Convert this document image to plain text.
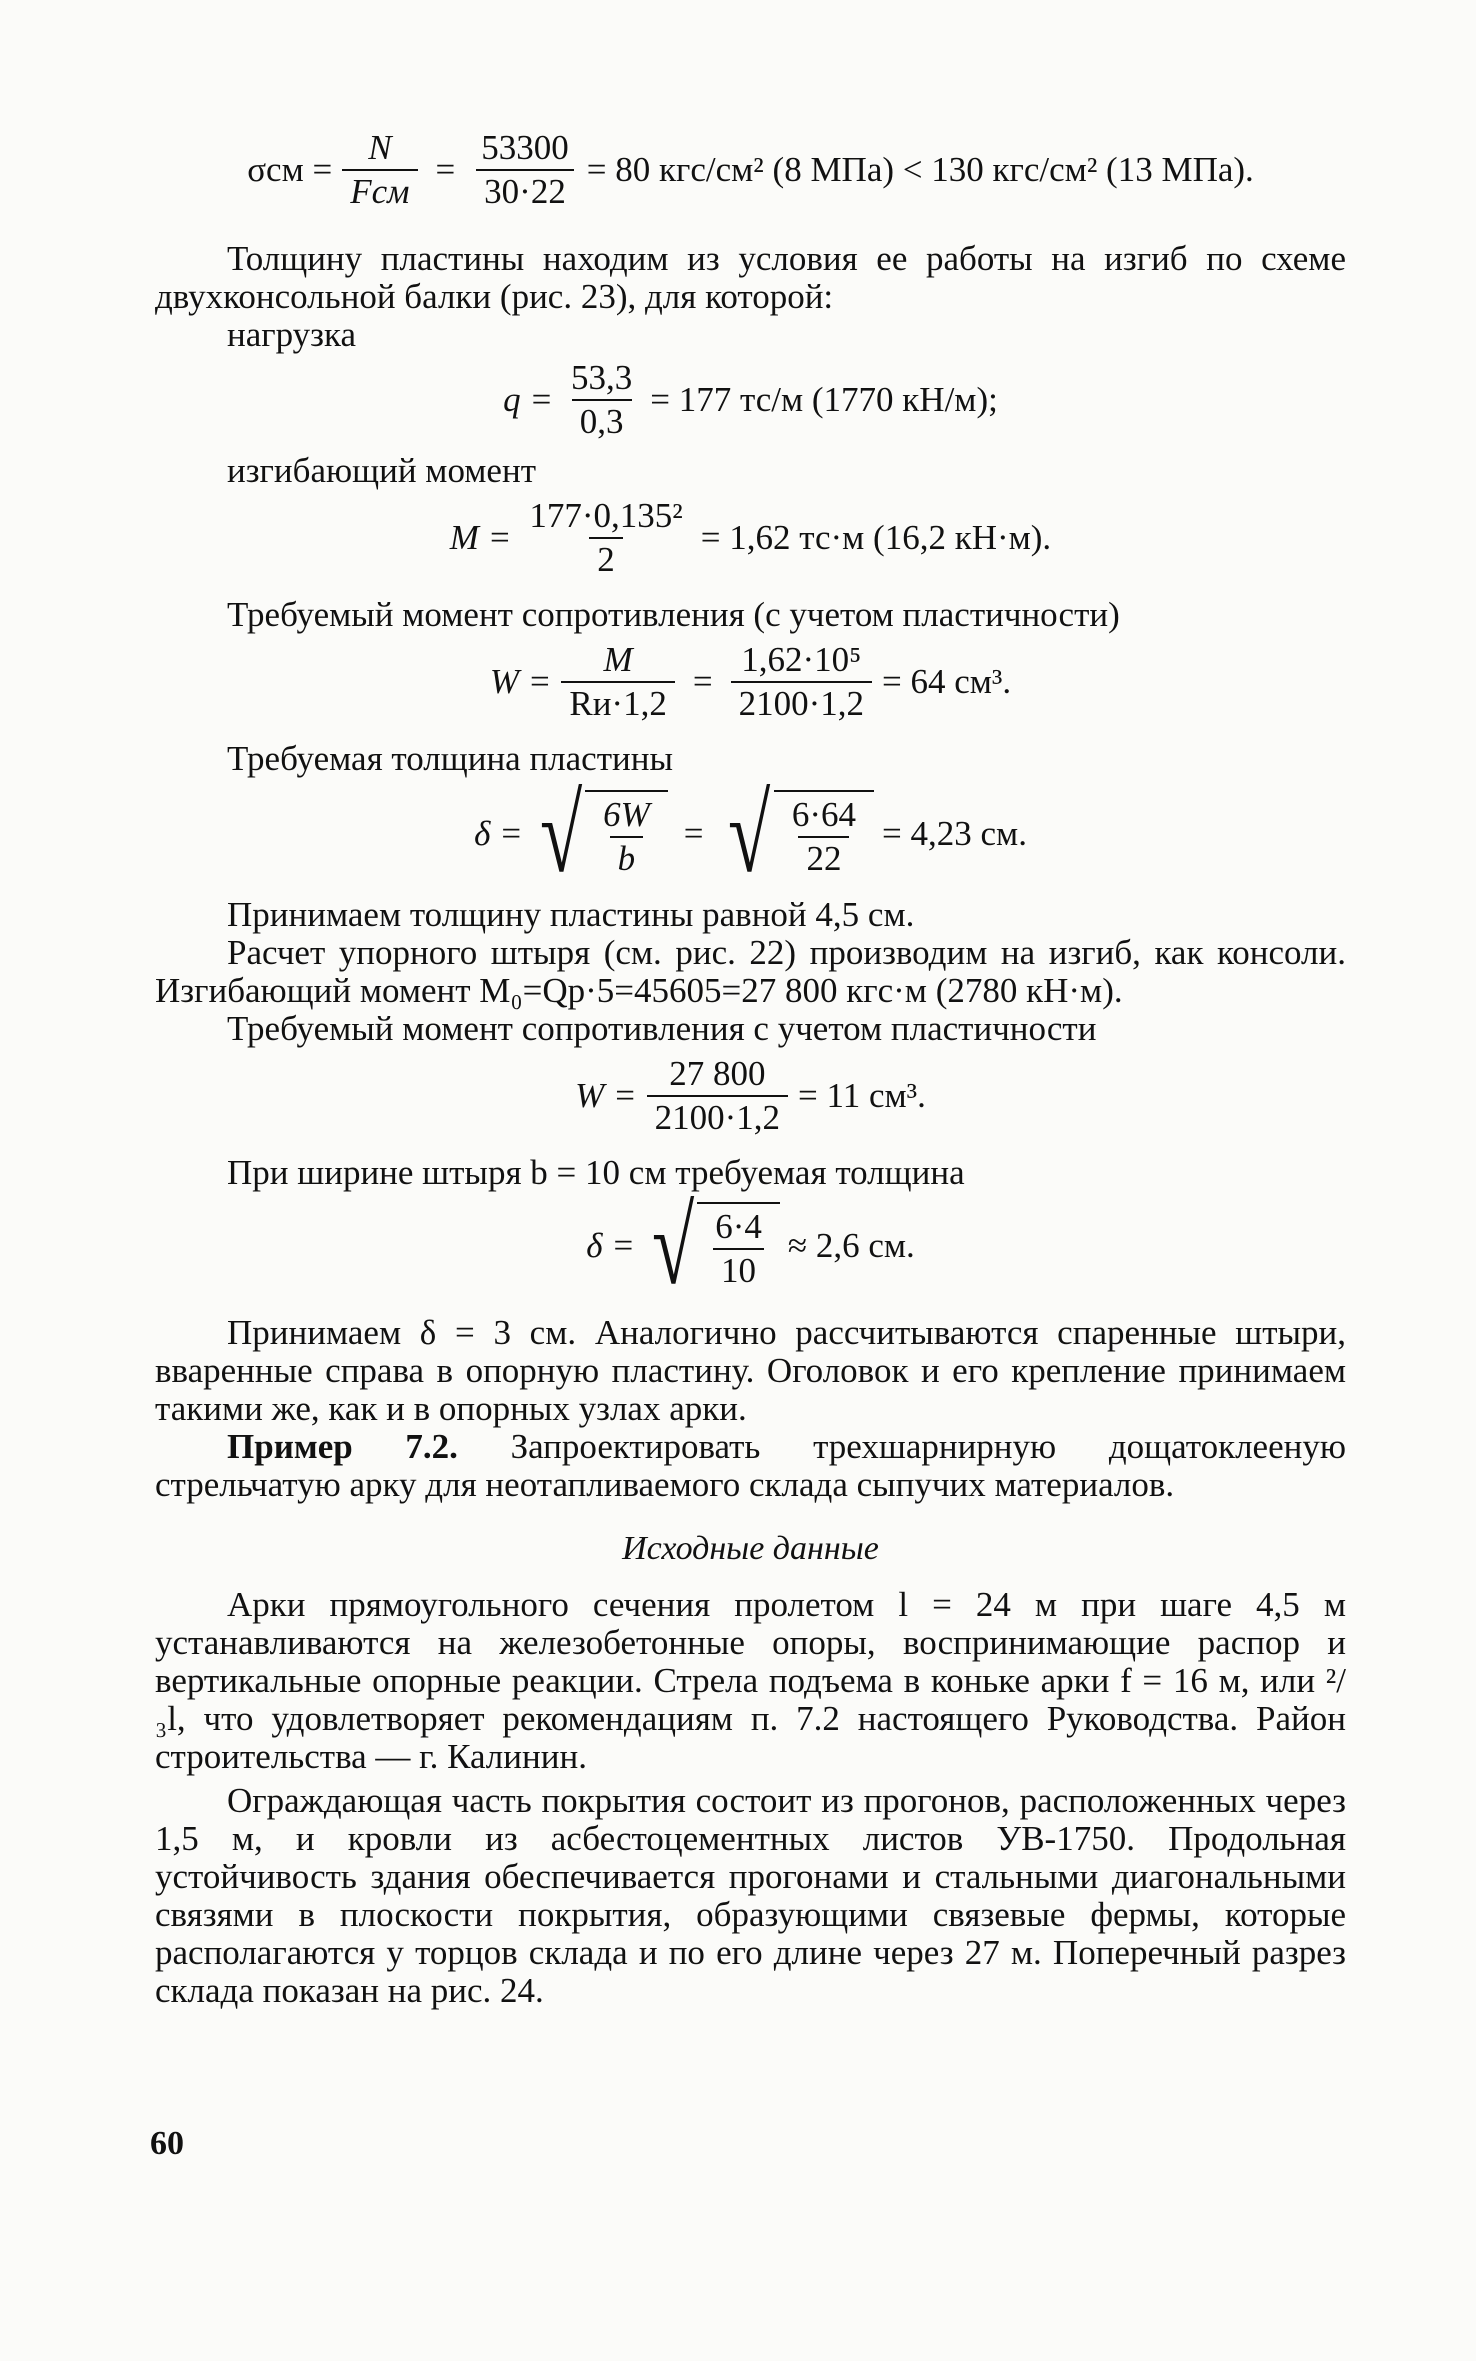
$\sigma см = \frac{N}{\text{Fсм}} = \frac{53300}{30\cdot 22} = 80$ кгс/см² (8 МПа) < 130 кгс/см² (13 МПа).

Толщину пластины находим из условия ее работы на изгиб по схеме двухконсольной балки (рис. 23), для которой:

нагрузка

$q = \frac{53,3}{0,3} = 177$ тс/м (1770 кН/м);

изгибающий момент

$M = \frac{\text{177·0,135²}}{2} = 1,62$ тс·м (16,2 кН·м).

Требуемый момент сопротивления (с учетом пластичности)

$W = \frac{M}{Rи\cdot 1,2} = \frac{\text{1,62·10⁵}}{2100\cdot 1,2} = 64$ см³.

Требуемая толщина пластины

δ = √ $\frac{6W}{b}$ = √ $\frac{6\cdot 64}{22} = 4,23$ см.

Принимаем толщину пластины равной 4,5 см.

Расчет упорного штыря (см. рис. 22) производим на изгиб, как консоли. Изгибающий момент M₀=Qр·5=45605=27 800 кгс·м (2780 кН·м).

Требуемый момент сопротивления с учетом пластичности

$W = \frac{27 800}{2100\cdot 1,2} = 11$ см³.

При ширине штыря b = 10 см требуемая толщина

δ = √ $\frac{6\cdot 4}{10} \approx 2,6$ см.

Принимаем δ = 3 см. Аналогично рассчитываются спаренные штыри, вваренные справа в опорную пластину. Оголовок и его крепление принимаем такими же, как и в опорных узлах арки.

Пример 7.2. Запроектировать трехшарнирную дощатоклееную стрельчатую арку для неотапливаемого склада сыпучих материалов.

Исходные данные

Арки прямоугольного сечения пролетом l = 24 м при шаге 4,5 м устанавливаются на железобетонные опоры, воспринимающие распор и вертикальные опорные реакции. Стрела подъема в коньке арки f = 16 м, или ²/₃l, что удовлетворяет рекомендациям п. 7.2 настоящего Руководства. Район строительства — г. Калинин.

Ограждающая часть покрытия состоит из прогонов, расположенных через 1,5 м, и кровли из асбестоцементных листов УВ-1750. Продольная устойчивость здания обеспечивается прогонами и стальными диагональными связями в плоскости покрытия, образующими связевые фермы, которые располагаются у торцов склада и по его длине через 27 м. Поперечный разрез склада показан на рис. 24.

60
